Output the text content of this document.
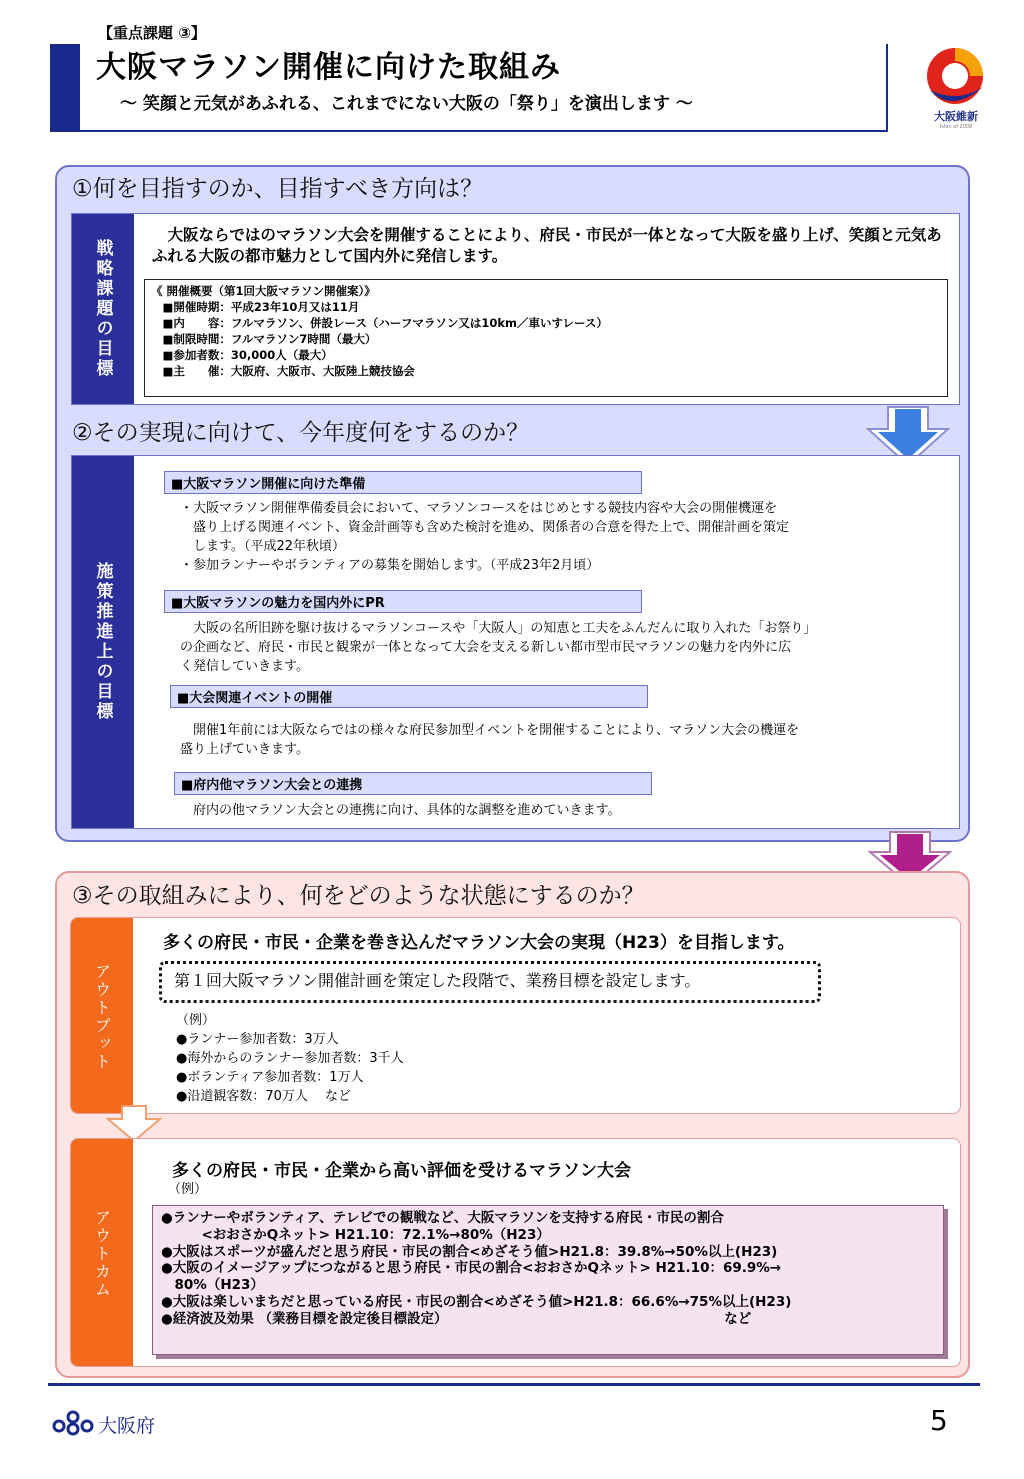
【重点課題 ③】
大阪マラソン開催に向けた取組み
～ 笑顔と元気があふれる、これまでにない大阪の「祭り」を演出します ～
大阪維新
Ishin of 2008
①何を目指すのか、目指すべき方向は？
戦略課題の目標
　大阪ならではのマラソン大会を開催することにより、府民・市民が一体となって大阪を盛り上げ、笑顔と元気あふれる大阪の都市魅力として国内外に発信します。
《 開催概要（第1回大阪マラソン開催案）》
　■開催時期：平成23年10月又は11月
　■内　　容：フルマラソン、併設レース（ハーフマラソン又は10km／車いすレース）
　■制限時間：フルマラソン7時間（最大）
　■参加者数：30,000人（最大）
　■主　　催：大阪府、大阪市、大阪陸上競技協会
②その実現に向けて、今年度何をするのか？
施策推進上の目標
■大阪マラソン開催に向けた準備
・大阪マラソン開催準備委員会において、マラソンコースをはじめとする競技内容や大会の開催機運を
　盛り上げる関連イベント、資金計画等も含めた検討を進め、関係者の合意を得た上で、開催計画を策定
　します。（平成22年秋頃）
・参加ランナーやボランティアの募集を開始します。（平成23年2月頃）
■大阪マラソンの魅力を国内外にPR
　大阪の名所旧跡を駆け抜けるマラソンコースや「大阪人」の知恵と工夫をふんだんに取り入れた「お祭り」
の企画など、府民・市民と観衆が一体となって大会を支える新しい都市型市民マラソンの魅力を内外に広
く発信していきます。
■大会関連イベントの開催
　開催1年前には大阪ならではの様々な府民参加型イベントを開催することにより、マラソン大会の機運を
盛り上げていきます。
■府内他マラソン大会との連携
　府内の他マラソン大会との連携に向け、具体的な調整を進めていきます。
③その取組みにより、何をどのような状態にするのか？
アウトプット
多くの府民・市民・企業を巻き込んだマラソン大会の実現（H23）を目指します。
第１回大阪マラソン開催計画を策定した段階で、業務目標を設定します。
（例）
●ランナー参加者数：3万人
●海外からのランナー参加者数：3千人
●ボランティア参加者数：1万人
●沿道観客数：70万人　 など
アウトカム
多くの府民・市民・企業から高い評価を受けるマラソン大会
（例）
●ランナーやボランティア、テレビでの観戦など、大阪マラソンを支持する府民・市民の割合
　　　<おおさかQネット> H21.10：72.1%→80%（H23）
●大阪はスポーツが盛んだと思う府民・市民の割合<めざそう値>H21.8：39.8%→50%以上(H23)
●大阪のイメージアップにつながると思う府民・市民の割合<おおさかQネット> H21.10：69.9%→
　80%（H23）
●大阪は楽しいまちだと思っている府民・市民の割合<めざそう値>H21.8：66.6%→75%以上(H23)
●経済波及効果 （業務目標を設定後目標設定）　　　　　　　　　　　　　　　　　　　　　など
大阪府	5
